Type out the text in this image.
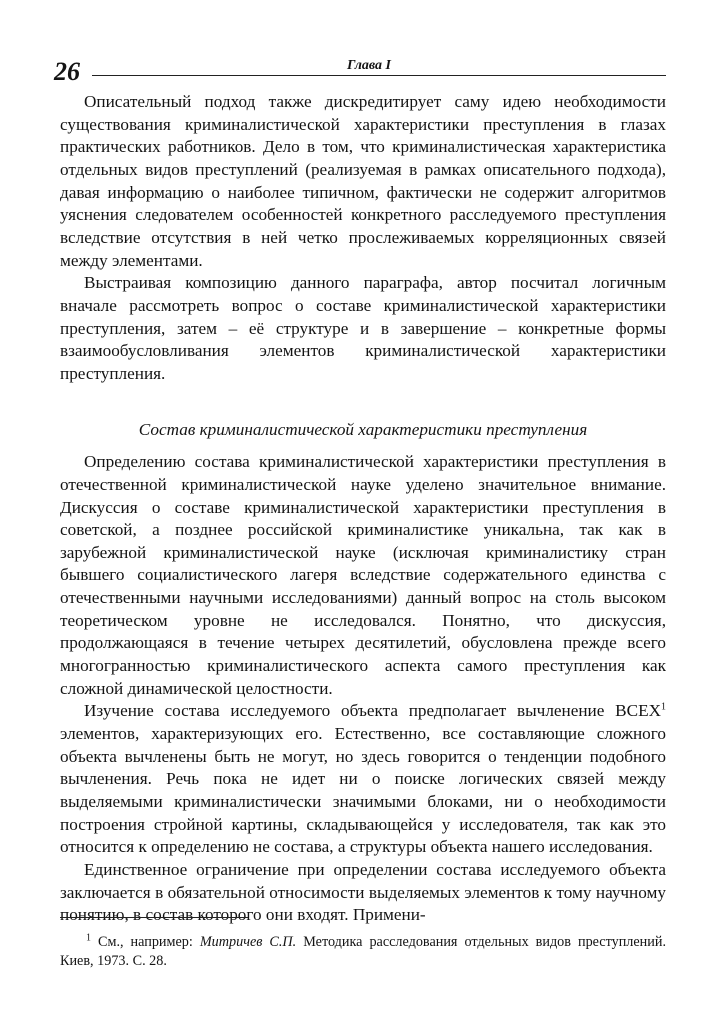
26	Глава I

Описательный подход также дискредитирует саму идею необходимости существования криминалистической характеристики преступления в глазах практических работников. Дело в том, что криминалистическая характеристика отдельных видов преступлений (реализуемая в рамках описательного подхода), давая информацию о наиболее типичном, фактически не содержит алгоритмов уяснения следователем особенностей конкретного расследуемого преступления вследствие отсутствия в ней четко прослеживаемых корреляционных связей между элементами.

Выстраивая композицию данного параграфа, автор посчитал логичным вначале рассмотреть вопрос о составе криминалистической характеристики преступления, затем – её структуре и в завершение – конкретные формы взаимообусловливания элементов криминалистической характеристики преступления.

Состав криминалистической характеристики преступления

Определению состава криминалистической характеристики преступления в отечественной криминалистической науке уделено значительное внимание. Дискуссия о составе криминалистической характеристики преступления в советской, а позднее российской криминалистике уникальна, так как в зарубежной криминалистической науке (исключая криминалистику стран бывшего социалистического лагеря вследствие содержательного единства с отечественными научными исследованиями) данный вопрос на столь высоком теоретическом уровне не исследовался. Понятно, что дискуссия, продолжающаяся в течение четырех десятилетий, обусловлена прежде всего многогранностью криминалистического аспекта самого преступления как сложной динамической целостности.

Изучение состава исследуемого объекта предполагает вычленение ВСЕХ$^1$ элементов, характеризующих его. Естественно, все составляющие сложного объекта вычленены быть не могут, но здесь говорится о тенденции подобного вычленения. Речь пока не идет ни о поиске логических связей между выделяемыми криминалистически значимыми блоками, ни о необходимости построения стройной картины, складывающейся у исследователя, так как это относится к определению не состава, а структуры объекта нашего исследования.

Единственное ограничение при определении состава исследуемого объекта заключается в обязательной относимости выделяемых элементов к тому научному понятию, в состав которого они входят. Примени-

$^1$ См., например: Митричев С.П. Методика расследования отдельных видов преступлений. Киев, 1973. С. 28.
